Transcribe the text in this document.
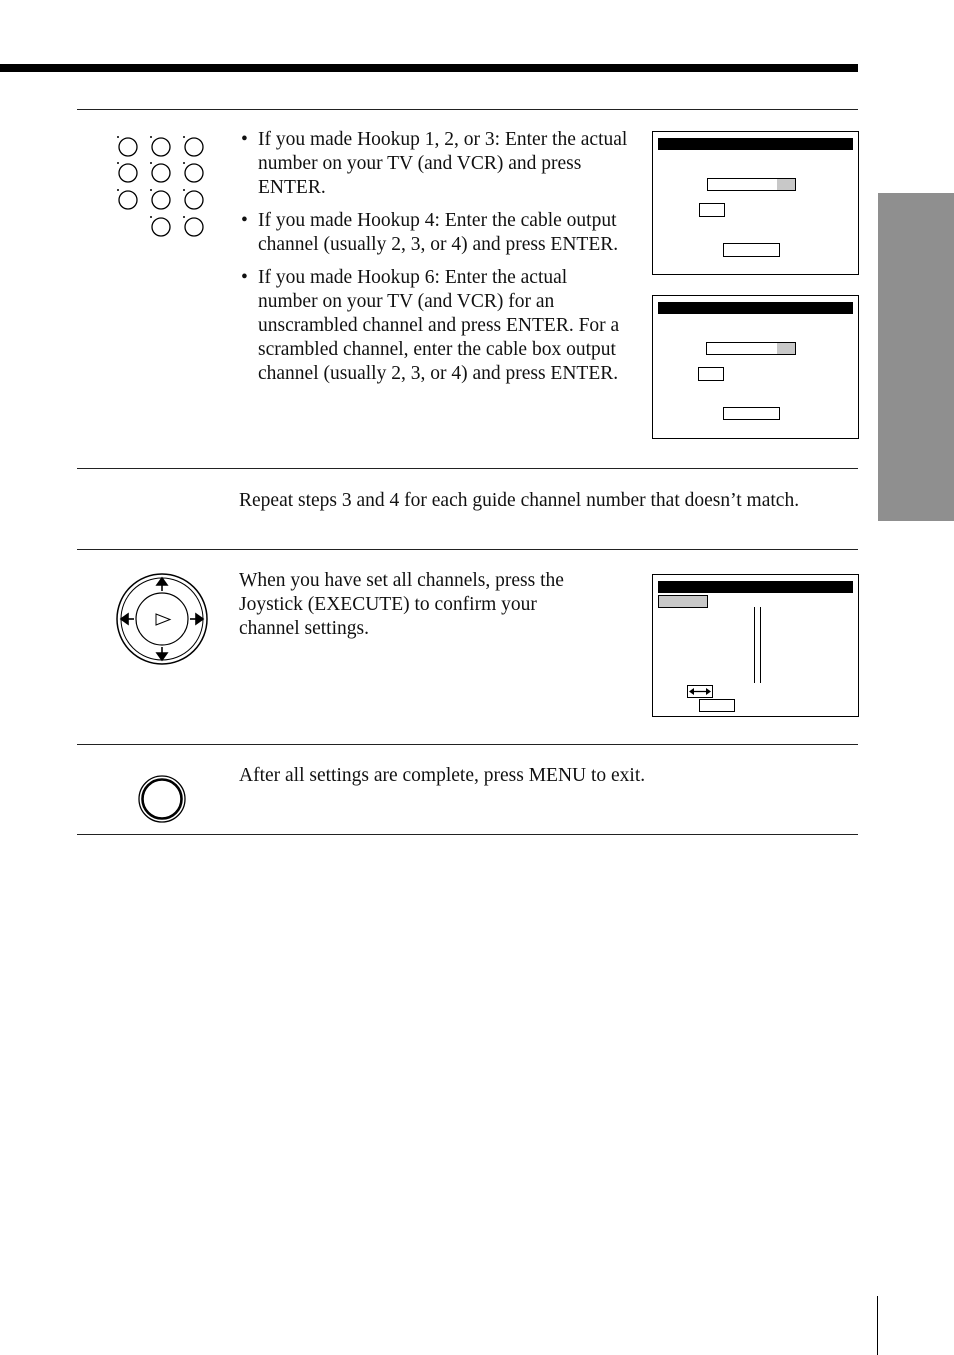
• If you made Hookup 1, 2, or 3: Enter the actual number on your TV (and VCR) and press ENTER.
• If you made Hookup 4: Enter the cable output channel (usually 2, 3, or 4) and press ENTER.
• If you made Hookup 6: Enter the actual number on your TV (and VCR) for an unscrambled channel and press ENTER. For a scrambled channel, enter the cable box output channel (usually 2, 3, or 4) and press ENTER.
Repeat steps 3 and 4 for each guide channel number that doesn’t match.
When you have set all channels, press the Joystick (EXECUTE) to confirm your channel settings.
After all settings are complete, press MENU to exit.
